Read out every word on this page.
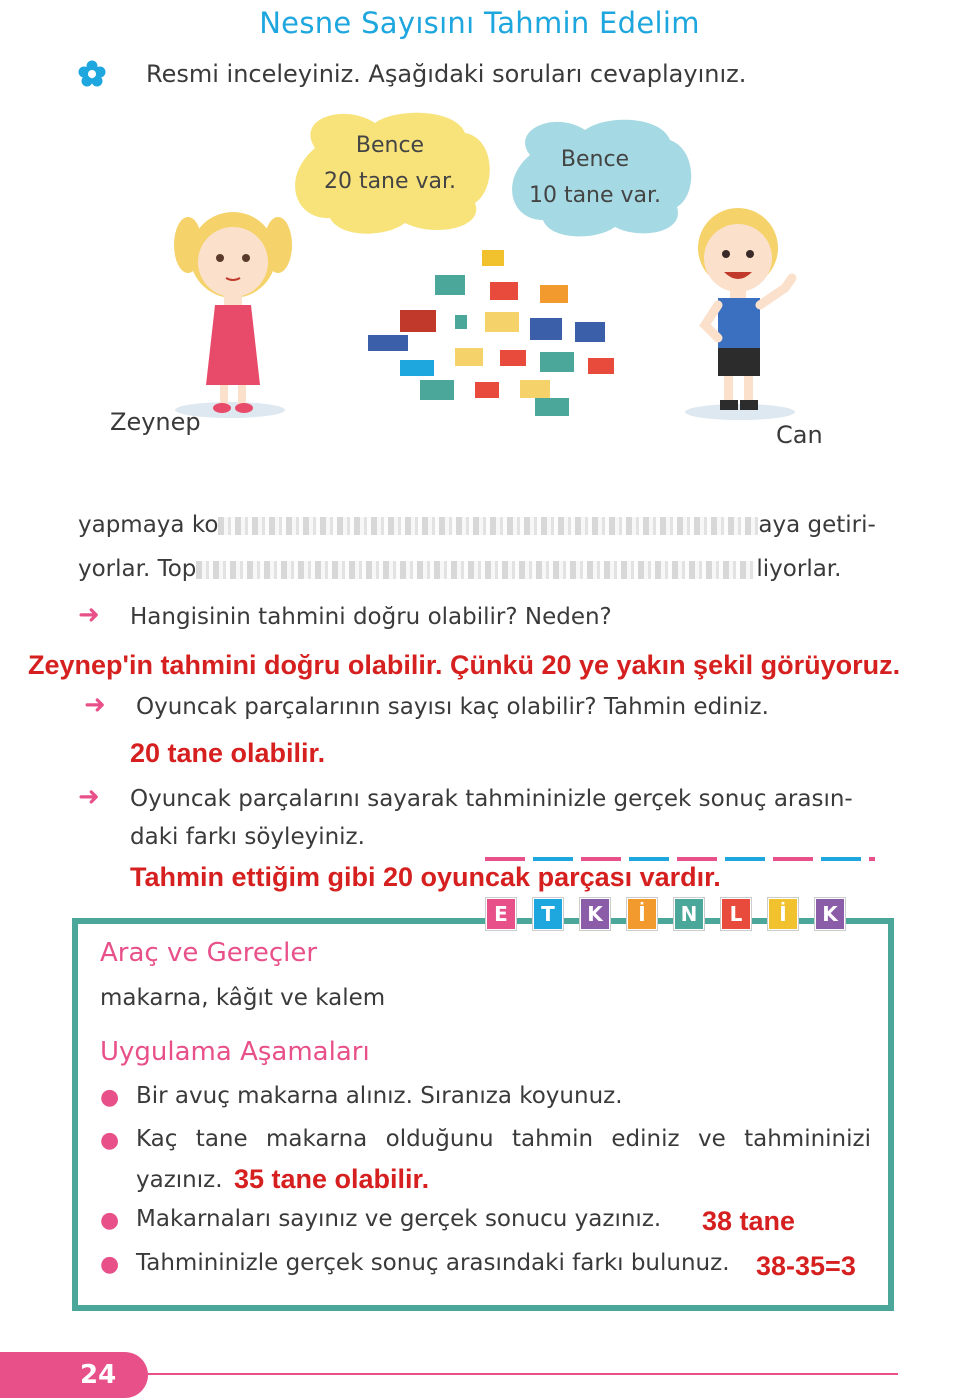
Nesne Sayısını Tahmin Edelim
Resmi inceleyiniz. Aşağıdaki soruları cevaplayınız.
Bence
20 tane var.
Bence
10 tane var.
Zeynep	Can
yapmaya ko	aya getiri-
yorlar. Top	liyorlar.
➜ Hangisinin tahmini doğru olabilir? Neden?
Zeynep'in tahmini doğru olabilir. Çünkü 20 ye yakın şekil görüyoruz.
➜ Oyuncak parçalarının sayısı kaç olabilir? Tahmin ediniz.
20 tane olabilir.
➜ Oyuncak parçalarını sayarak tahmininizle gerçek sonuç arasın-
daki farkı söyleyiniz.
Tahmin ettiğim gibi 20 oyuncak parçası vardır.
E	T	K	İ	N	L	İ	K
Araç ve Gereçler
makarna, kâğıt ve kalem
Uygulama Aşamaları
● Bir avuç makarna alınız. Sıranıza koyunuz.
● Kaç tane makarna olduğunu tahmin ediniz ve tahmininizi
yazınız. 35 tane olabilir.
● Makarnaları sayınız ve gerçek sonucu yazınız. 38 tane
● Tahmininizle gerçek sonuç arasındaki farkı bulunuz. 38-35=3
24
